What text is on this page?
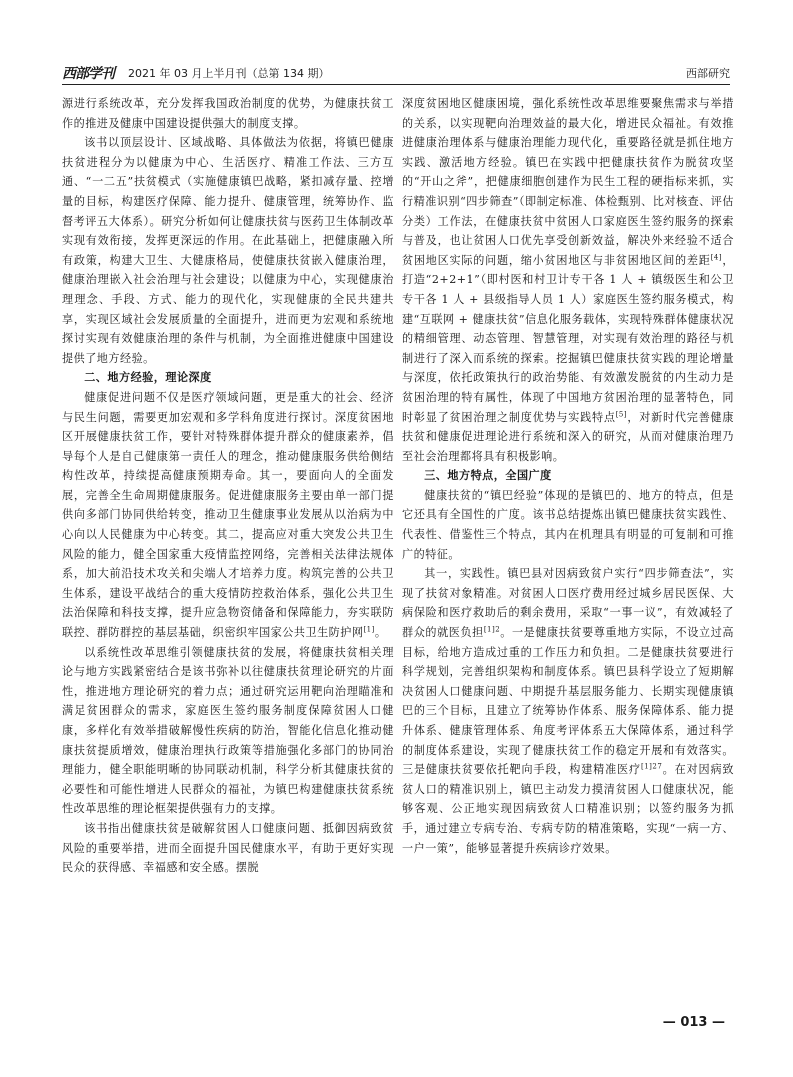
西部学刊 2021 年 03 月上半月刊（总第 134 期）	西部研究

源进行系统改革，充分发挥我国政治制度的优势，为健康扶贫工作的推进及健康中国建设提供强大的制度支撑。

该书以顶层设计、区域战略、具体做法为依据，将镇巴健康扶贫进程分为以健康为中心、生活医疗、精准工作法、三方互通、“一二五”扶贫模式（实施健康镇巴战略，紧扣减存量、控增量的目标，构建医疗保障、能力提升、健康管理，统筹协作、监督考评五大体系）。研究分析如何让健康扶贫与医药卫生体制改革实现有效衔接，发挥更深远的作用。在此基础上，把健康融入所有政策，构建大卫生、大健康格局，使健康扶贫嵌入健康治理，健康治理嵌入社会治理与社会建设；以健康为中心，实现健康治理理念、手段、方式、能力的现代化，实现健康的全民共建共享，实现区域社会发展质量的全面提升，进而更为宏观和系统地探讨实现有效健康治理的条件与机制，为全面推进健康中国建设提供了地方经验。

二、地方经验，理论深度

健康促进问题不仅是医疗领域问题，更是重大的社会、经济与民生问题，需要更加宏观和多学科角度进行探讨。深度贫困地区开展健康扶贫工作，要针对特殊群体提升群众的健康素养，倡导每个人是自己健康第一责任人的理念，推动健康服务供给侧结构性改革，持续提高健康预期寿命。其一，要面向人的全面发展，完善全生命周期健康服务。促进健康服务主要由单一部门提供向多部门协同供给转变，推动卫生健康事业发展从以治病为中心向以人民健康为中心转变。其二，提高应对重大突发公共卫生风险的能力，健全国家重大疫情监控网络，完善相关法律法规体系，加大前沿技术攻关和尖端人才培养力度。构筑完善的公共卫生体系，建设平战结合的重大疫情防控救治体系，强化公共卫生法治保障和科技支撑，提升应急物资储备和保障能力，夯实联防联控、群防群控的基层基础，织密织牢国家公共卫生防护网[1]。

以系统性改革思维引领健康扶贫的发展，将健康扶贫相关理论与地方实践紧密结合是该书弥补以往健康扶贫理论研究的片面性，推进地方理论研究的着力点；通过研究运用靶向治理瞄准和满足贫困群众的需求，家庭医生签约服务制度保障贫困人口健康，多样化有效举措破解慢性疾病的防治，智能化信息化推动健康扶贫提质增效，健康治理执行政策等措施强化多部门的协同治理能力，健全职能明晰的协同联动机制，科学分析其健康扶贫的必要性和可能性增进人民群众的福祉，为镇巴构建健康扶贫系统性改革思维的理论框架提供强有力的支撑。

该书指出健康扶贫是破解贫困人口健康问题、抵御因病致贫风险的重要举措，进而全面提升国民健康水平，有助于更好实现民众的获得感、幸福感和安全感。摆脱

深度贫困地区健康困境，强化系统性改革思维要聚焦需求与举措的关系，以实现靶向治理效益的最大化，增进民众福祉。有效推进健康治理体系与健康治理能力现代化，重要路径就是抓住地方实践、激活地方经验。镇巴在实践中把健康扶贫作为脱贫攻坚的“开山之斧”，把健康细胞创建作为民生工程的硬指标来抓，实行精准识别“四步筛查”（即制定标准、体检甄别、比对核查、评估分类）工作法，在健康扶贫中贫困人口家庭医生签约服务的探索与普及，也让贫困人口优先享受创新效益，解决外来经验不适合贫困地区实际的问题，缩小贫困地区与非贫困地区间的差距[4]，打造“2+2+1”（即村医和村卫计专干各 1 人 + 镇级医生和公卫专干各 1 人 + 县级指导人员 1 人）家庭医生签约服务模式，构建“互联网 + 健康扶贫”信息化服务载体，实现特殊群体健康状况的精细管理、动态管理、智慧管理，对实现有效治理的路径与机制进行了深入而系统的探索。挖掘镇巴健康扶贫实践的理论增量与深度，依托政策执行的政治势能、有效激发脱贫的内生动力是贫困治理的特有属性，体现了中国地方贫困治理的显著特色，同时彰显了贫困治理之制度优势与实践特点[5]，对新时代完善健康扶贫和健康促进理论进行系统和深入的研究，从而对健康治理乃至社会治理都将具有积极影响。

三、地方特点，全国广度

健康扶贫的“镇巴经验”体现的是镇巴的、地方的特点，但是它还具有全国性的广度。该书总结提炼出镇巴健康扶贫实践性、代表性、借鉴性三个特点，其内在机理具有明显的可复制和可推广的特征。

其一，实践性。镇巴县对因病致贫户实行“四步筛查法”，实现了扶贫对象精准。对贫困人口医疗费用经过城乡居民医保、大病保险和医疗救助后的剩余费用，采取“一事一议”，有效减轻了群众的就医负担$^{[1]2}$。一是健康扶贫要尊重地方实际，不设立过高目标，给地方造成过重的工作压力和负担。二是健康扶贫要进行科学规划，完善组织架构和制度体系。镇巴县科学设立了短期解决贫困人口健康问题、中期提升基层服务能力、长期实现健康镇巴的三个目标，且建立了统筹协作体系、服务保障体系、能力提升体系、健康管理体系、角度考评体系五大保障体系，通过科学的制度体系建设，实现了健康扶贫工作的稳定开展和有效落实。三是健康扶贫要依托靶向手段，构建精准医疗$^{[1]27}$。在对因病致贫人口的精准识别上，镇巴主动发力摸清贫困人口健康状况，能够客观、公正地实现因病致贫人口精准识别；以签约服务为抓手，通过建立专病专治、专病专防的精准策略，实现“一病一方、一户一策”，能够显著提升疾病诊疗效果。

— 013 —
